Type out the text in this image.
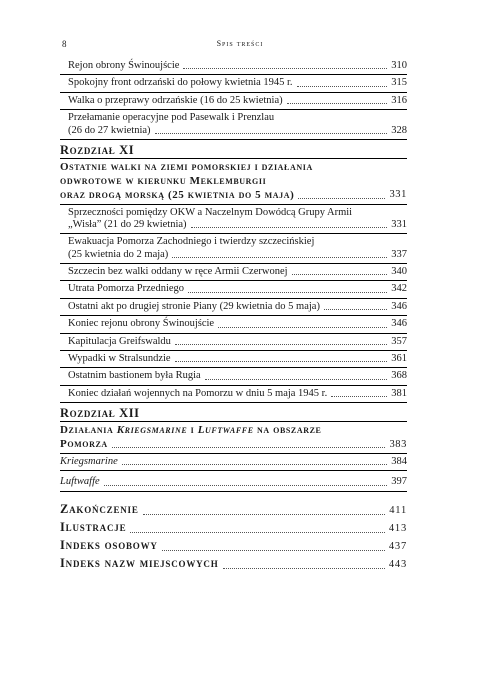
8	Spis treści
Rejon obrony Świnoujście	310
Spokojny front odrzański do połowy kwietnia 1945 r.	315
Walka o przeprawy odrzańskie (16 do 25 kwietnia)	316
Przełamanie operacyjne pod Pasewalk i Prenzlau
(26 do 27 kwietnia)	328
Rozdział XI
Ostatnie walki na ziemi pomorskiej i działania
odwrotowe w kierunku Meklemburgii
oraz drogą morską (25 kwietnia do 5 maja)	331
Sprzeczności pomiędzy OKW a Naczelnym Dowódcą Grupy Armii
„Wisła” (21 do 29 kwietnia)	331
Ewakuacja Pomorza Zachodniego i twierdzy szczecińskiej
(25 kwietnia do 2 maja)	337
Szczecin bez walki oddany w ręce Armii Czerwonej	340
Utrata Pomorza Przedniego	342
Ostatni akt po drugiej stronie Piany (29 kwietnia do 5 maja)	346
Koniec rejonu obrony Świnoujście	346
Kapitulacja Greifswaldu	357
Wypadki w Stralsundzie	361
Ostatnim bastionem była Rugia	368
Koniec działań wojennych na Pomorzu w dniu 5 maja 1945 r.	381
Rozdział XII
Działania Kriegsmarine i Luftwaffe na obszarze
Pomorza	383
Kriegsmarine	384
Luftwaffe	397
Zakończenie	411
Ilustracje	413
Indeks osobowy	437
Indeks nazw miejscowych	443
